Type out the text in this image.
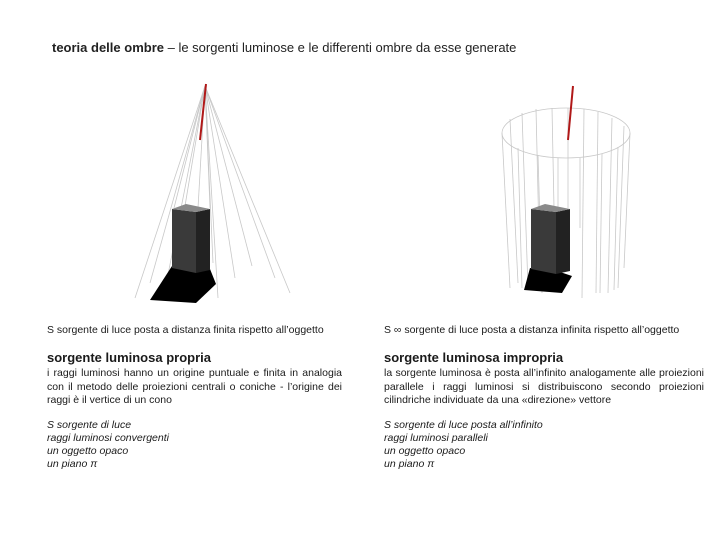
teoria delle ombre – le sorgenti luminose e le differenti ombre da esse generate
S sorgente di luce posta a distanza finita rispetto all’oggetto	S ∞ sorgente di luce posta a distanza infinita rispetto all’oggetto
sorgente luminosa propria	sorgente luminosa impropria
i raggi luminosi hanno un origine puntuale e finita in analogia con il metodo delle proiezioni centrali o coniche - l’origine dei raggi è il vertice di un cono
la sorgente luminosa è posta all’infinito analogamente alle proiezioni parallele i raggi luminosi si distribuiscono secondo proiezioni cilindriche individuate da una «direzione» vettore
S sorgente di luce
raggi luminosi convergenti
un oggetto opaco
un piano π
S sorgente di luce posta all’infinito
raggi luminosi paralleli
un oggetto opaco
un piano π
